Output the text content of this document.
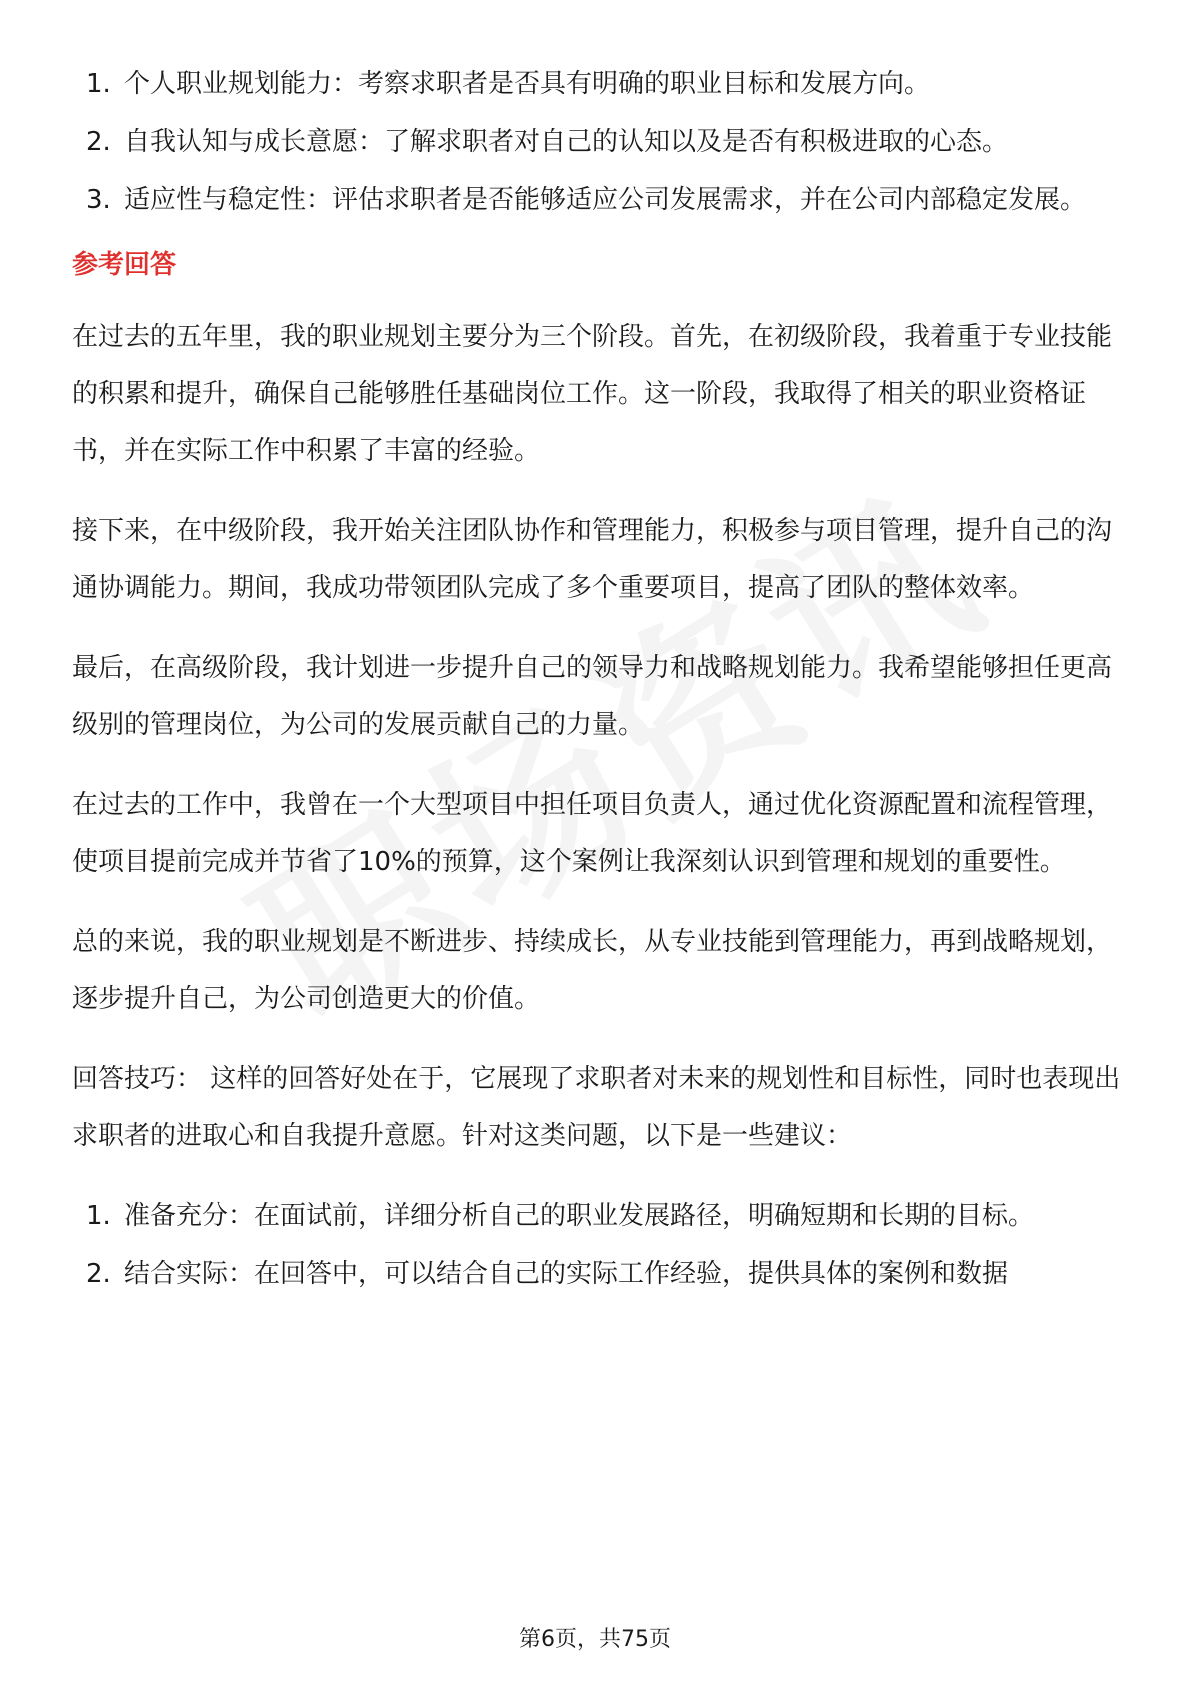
1. 个人职业规划能力：考察求职者是否具有明确的职业目标和发展方向。
2. 自我认知与成长意愿：了解求职者对自己的认知以及是否有积极进取的心态。
3. 适应性与稳定性：评估求职者是否能够适应公司发展需求，并在公司内部稳定发展。
参考回答

在过去的五年里，我的职业规划主要分为三个阶段。首先，在初级阶段，我着重于专业技能的积累和提升，确保自己能够胜任基础岗位工作。这一阶段，我取得了相关的职业资格证书，并在实际工作中积累了丰富的经验。

接下来，在中级阶段，我开始关注团队协作和管理能力，积极参与项目管理，提升自己的沟通协调能力。期间，我成功带领团队完成了多个重要项目，提高了团队的整体效率。

最后，在高级阶段，我计划进一步提升自己的领导力和战略规划能力。我希望能够担任更高级别的管理岗位，为公司的发展贡献自己的力量。

在过去的工作中，我曾在一个大型项目中担任项目负责人，通过优化资源配置和流程管理，使项目提前完成并节省了10%的预算，这个案例让我深刻认识到管理和规划的重要性。

总的来说，我的职业规划是不断进步、持续成长，从专业技能到管理能力，再到战略规划，逐步提升自己，为公司创造更大的价值。

回答技巧： 这样的回答好处在于，它展现了求职者对未来的规划性和目标性，同时也表现出求职者的进取心和自我提升意愿。针对这类问题，以下是一些建议：

1. 准备充分：在面试前，详细分析自己的职业发展路径，明确短期和长期的目标。
2. 结合实际：在回答中，可以结合自己的实际工作经验，提供具体的案例和数据
第6页，共75页
